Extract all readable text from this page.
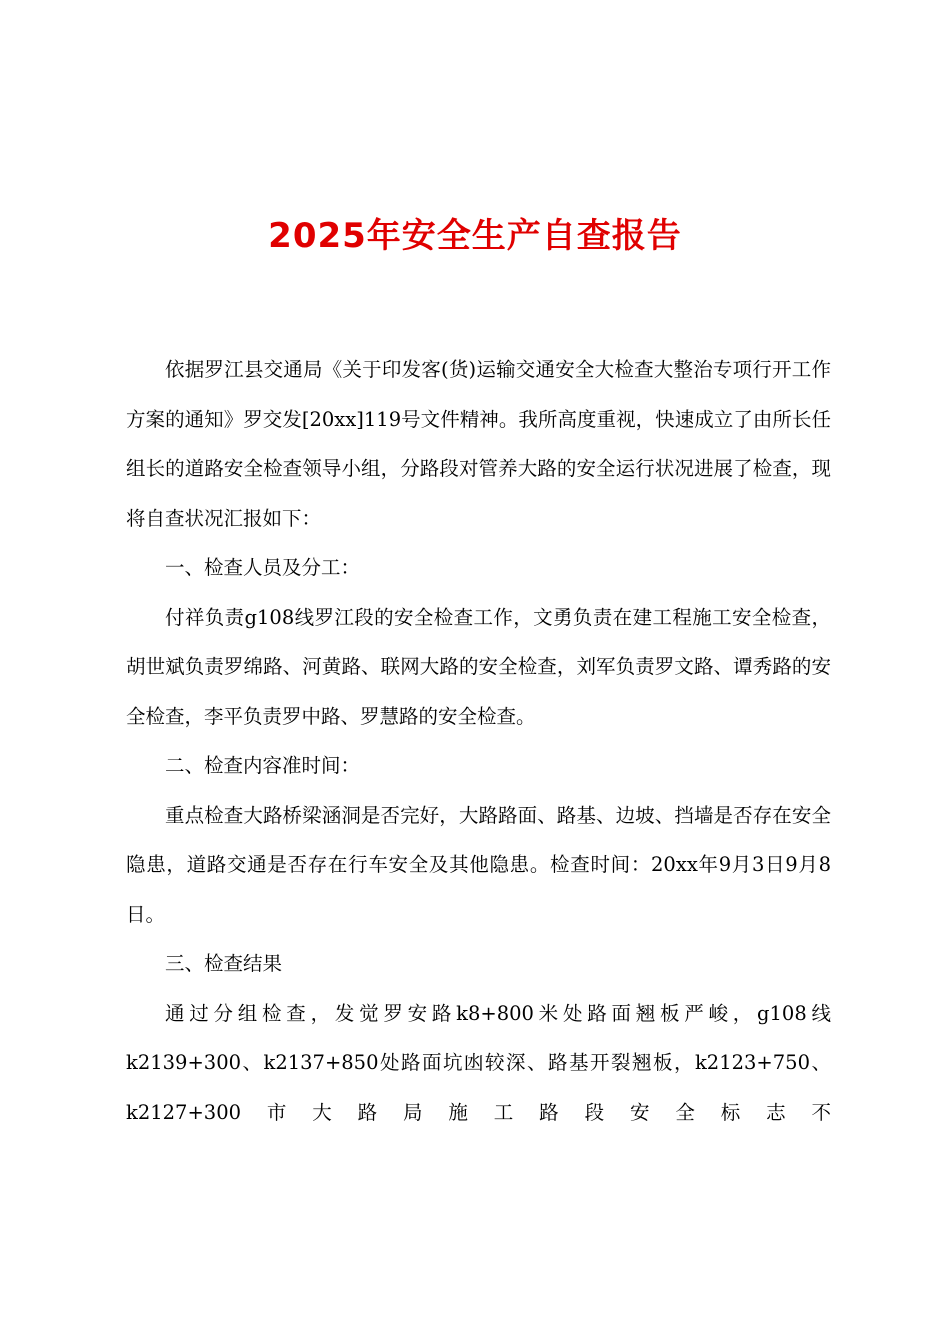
2025年安全生产自查报告

依据罗江县交通局《关于印发客(货)运输交通安全大检查大整治专项行开工作方案的通知》罗交发[20xx]119号文件精神。我所高度重视，快速成立了由所长任组长的道路安全检查领导小组，分路段对管养大路的安全运行状况进展了检查，现将自查状况汇报如下：

一、检查人员及分工：

付祥负责g108线罗江段的安全检查工作，文勇负责在建工程施工安全检查，胡世斌负责罗绵路、河黄路、联网大路的安全检查，刘军负责罗文路、谭秀路的安全检查，李平负责罗中路、罗慧路的安全检查。

二、检查内容准时间：

重点检查大路桥梁涵洞是否完好，大路路面、路基、边坡、挡墙是否存在安全隐患，道路交通是否存在行车安全及其他隐患。检查时间：20xx年9月3日9月8日。

三、检查结果

通过分组检查，发觉罗安路k8+800米处路面翘板严峻，g108线k2139+300、k2137+850处路面坑凼较深、路基开裂翘板，k2123+750、k2127+300市大路局施工路段安全标志不
